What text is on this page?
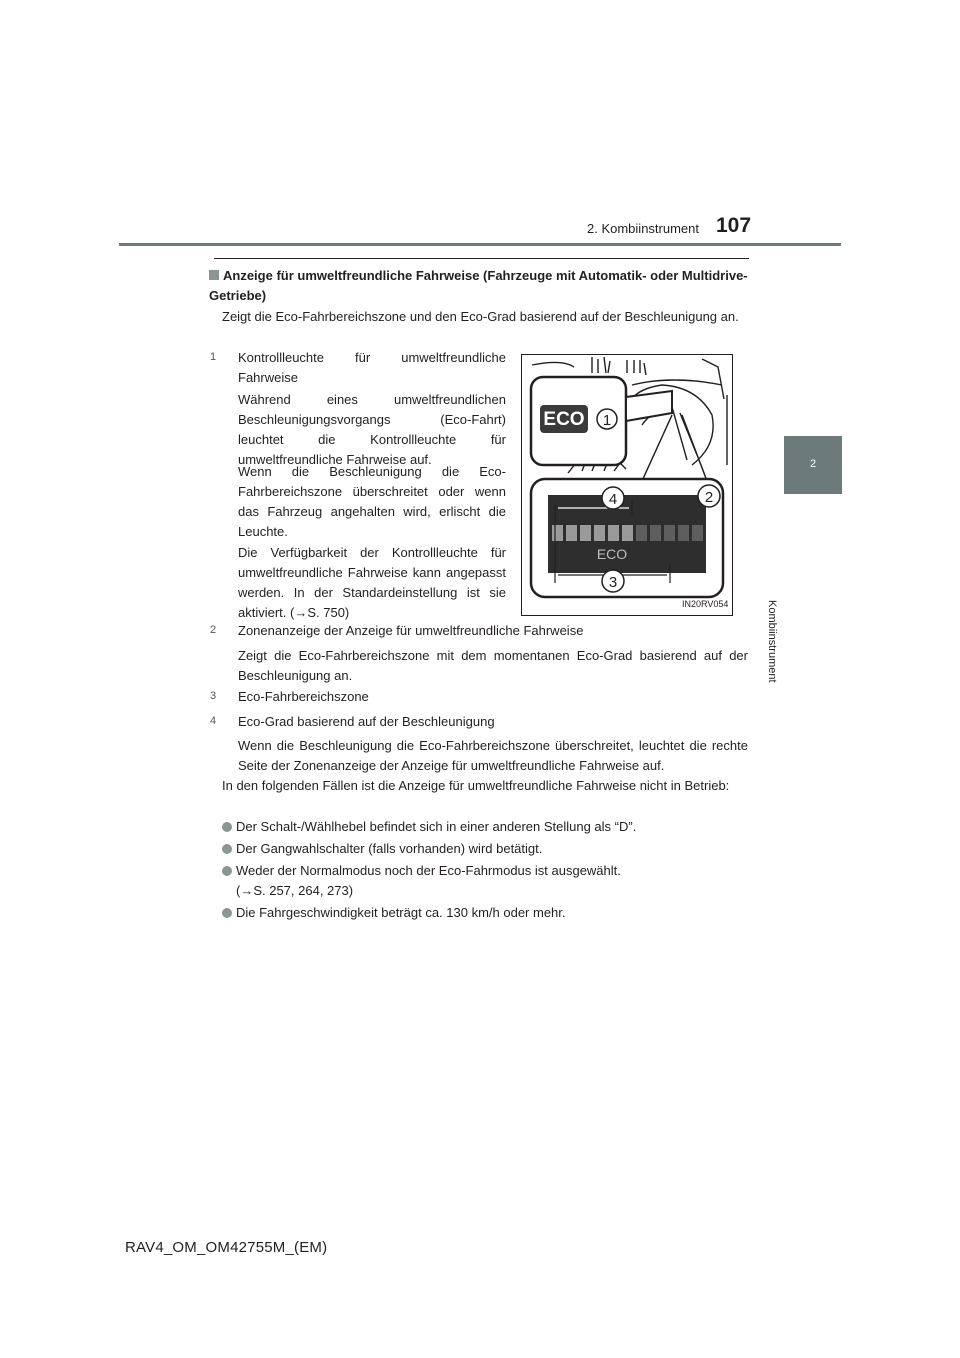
2. Kombiinstrument 107
2
Kombiinstrument
Anzeige für umweltfreundliche Fahrweise (Fahrzeuge mit Automatik- oder Multidrive-Getriebe)
Zeigt die Eco-Fahrbereichszone und den Eco-Grad basierend auf der Beschleunigung an.
1	Kontrollleuchte für umweltfreundliche Fahrweise
Während eines umweltfreundlichen Beschleunigungsvorgangs (Eco-Fahrt) leuchtet die Kontrollleuchte für umweltfreundliche Fahrweise auf.
Wenn die Beschleunigung die Eco-Fahrbereichszone überschreitet oder wenn das Fahrzeug angehalten wird, erlischt die Leuchte.
Die Verfügbarkeit der Kontrollleuchte für umweltfreundliche Fahrweise kann angepasst werden. In der Standardeinstellung ist sie aktiviert. (→S. 750)
ECO 1
ECO
4	2
3
IN20RV054
2	Zonenanzeige der Anzeige für umweltfreundliche Fahrweise
Zeigt die Eco-Fahrbereichszone mit dem momentanen Eco-Grad basierend auf der Beschleunigung an.
3	Eco-Fahrbereichszone
4	Eco-Grad basierend auf der Beschleunigung
Wenn die Beschleunigung die Eco-Fahrbereichszone überschreitet, leuchtet die rechte Seite der Zonenanzeige der Anzeige für umweltfreundliche Fahrweise auf.
In den folgenden Fällen ist die Anzeige für umweltfreundliche Fahrweise nicht in Betrieb:
Der Schalt-/Wählhebel befindet sich in einer anderen Stellung als “D”.
Der Gangwahlschalter (falls vorhanden) wird betätigt.
Weder der Normalmodus noch der Eco-Fahrmodus ist ausgewählt.
(→S. 257, 264, 273)
Die Fahrgeschwindigkeit beträgt ca. 130 km/h oder mehr.
RAV4_OM_OM42755M_(EM)
